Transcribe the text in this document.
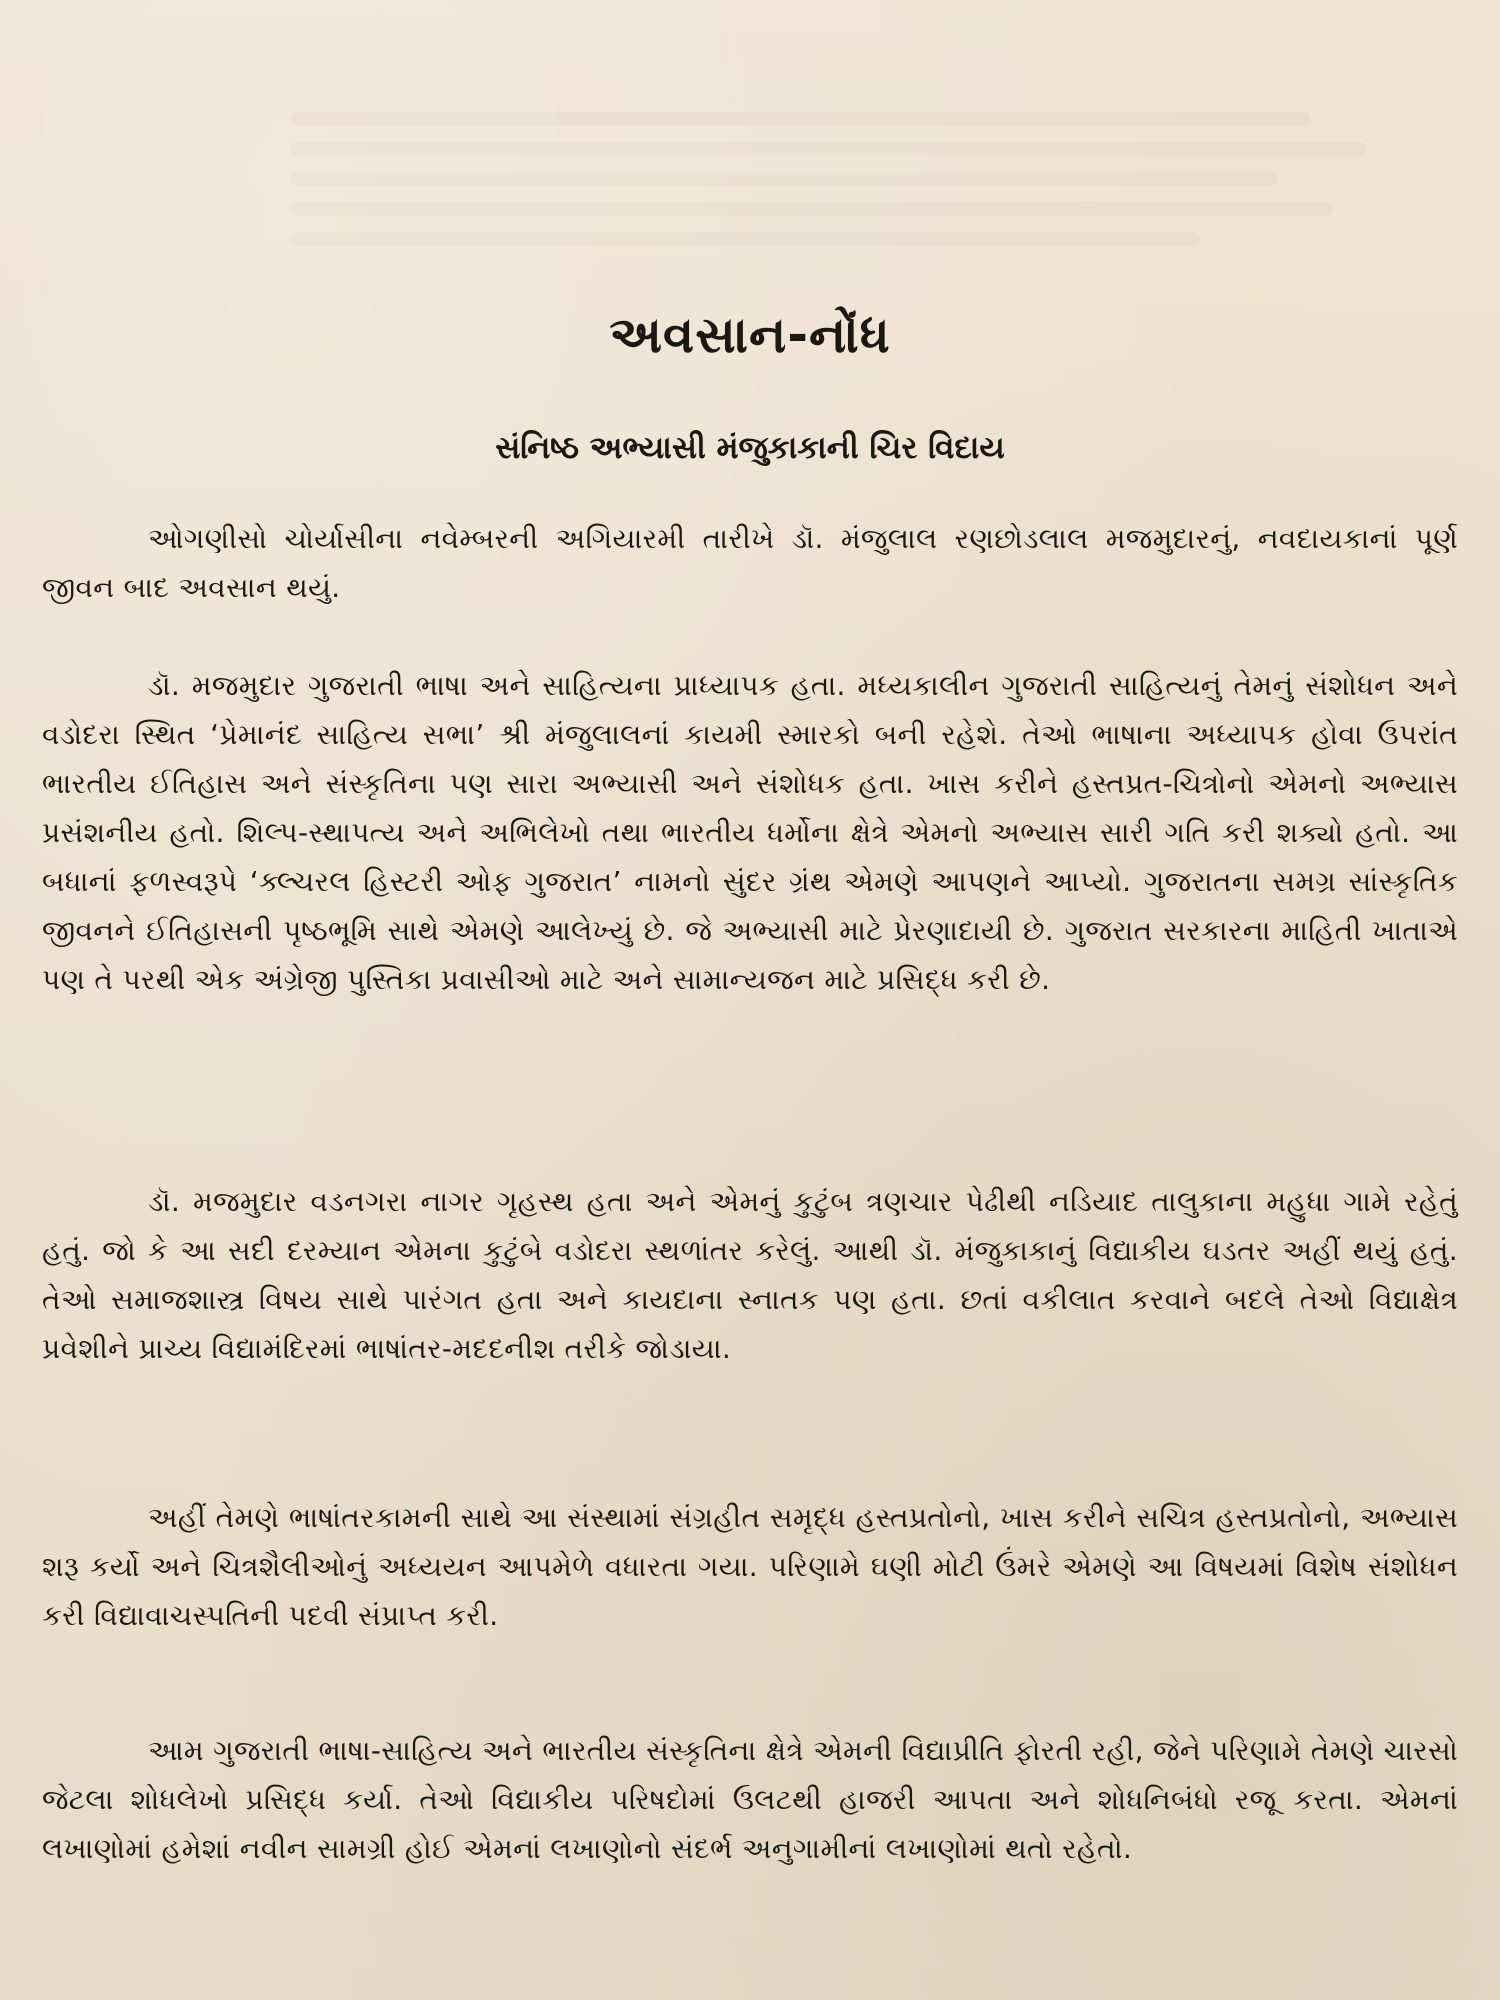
અવસાન-નોંધ
સંનિષ્ઠ અભ્યાસી મંજુકાકાની ચિર વિદાય

ઓગણીસો ચોર્યાસીના નવેમ્બરની અગિયારમી તારીખે ડૉ. મંજુલાલ રણછોડલાલ મજમુદારનું, નવદાયકાનાં પૂર્ણ જીવન બાદ અવસાન થયું.

ડૉ. મજમુદાર ગુજરાતી ભાષા અને સાહિત્યના પ્રાધ્યાપક હતા. મધ્યકાલીન ગુજરાતી સાહિત્યનું તેમનું સંશોધન અને વડોદરા સ્થિત ‘પ્રેમાનંદ સાહિત્ય સભા’ શ્રી મંજુલાલનાં કાયમી સ્મારકો બની રહેશે. તેઓ ભાષાના અધ્યાપક હોવા ઉપરાંત ભારતીય ઈતિહાસ અને સંસ્કૃતિના પણ સારા અભ્યાસી અને સંશોધક હતા. ખાસ કરીને હસ્તપ્રત-ચિત્રોનો એમનો અભ્યાસ પ્રસંશનીય હતો. શિલ્પ-સ્થાપત્ય અને અભિલેખો તથા ભારતીય ધર્મોના ક્ષેત્રે એમનો અભ્યાસ સારી ગતિ કરી શક્યો હતો. આ બધાનાં ફળસ્વરૂપે ‘ક્લ્ચરલ હિસ્ટરી ઓફ ગુજરાત’ નામનો સુંદર ગ્રંથ એમણે આપણને આપ્યો. ગુજરાતના સમગ્ર સાંસ્કૃતિક જીવનને ઈતિહાસની પૃષ્ઠભૂમિ સાથે એમણે આલેખ્યું છે. જે અભ્યાસી માટે પ્રેરણાદાયી છે. ગુજરાત સરકારના માહિતી ખાતાએ પણ તે પરથી એક અંગ્રેજી પુસ્તિકા પ્રવાસીઓ માટે અને સામાન્યજન માટે પ્રસિદ્ધ કરી છે.

ડૉ. મજમુદાર વડનગરા નાગર ગૃહસ્થ હતા અને એમનું કુટુંબ ત્રણચાર પેઢીથી નડિયાદ તાલુકાના મહુધા ગામે રહેતું હતું. જો કે આ સદી દરમ્યાન એમના કુટુંબે વડોદરા સ્થળાંતર કરેલું. આથી ડૉ. મંજુકાકાનું વિદ્યાકીય ઘડતર અહીં થયું હતું. તેઓ સમાજશાસ્ત્ર વિષય સાથે પારંગત હતા અને કાયદાના સ્નાતક પણ હતા. છતાં વકીલાત કરવાને બદલે તેઓ વિદ્યાક્ષેત્ર પ્રવેશીને પ્રાચ્ય વિદ્યામંદિરમાં ભાષાંતર-મદદનીશ તરીકે જોડાયા.

અહીં તેમણે ભાષાંતરકામની સાથે આ સંસ્થામાં સંગ્રહીત સમૃદ્ધ હસ્તપ્રતોનો, ખાસ કરીને સચિત્ર હસ્તપ્રતોનો, અભ્યાસ શરૂ કર્યો અને ચિત્રશૈલીઓનું અધ્યયન આપમેળે વધારતા ગયા. પરિણામે ઘણી મોટી ઉંમરે એમણે આ વિષયમાં વિશેષ સંશોધન કરી વિદ્યાવાચસ્પતિની પદવી સંપ્રાપ્ત કરી.

આમ ગુજરાતી ભાષા-સાહિત્ય અને ભારતીય સંસ્કૃતિના ક્ષેત્રે એમની વિદ્યાપ્રીતિ ફોરતી રહી, જેને પરિણામે તેમણે ચારસો જેટલા શોધલેખો પ્રસિદ્ધ કર્યા. તેઓ વિદ્યાકીય પરિષદોમાં ઉલટથી હાજરી આપતા અને શોધનિબંધો રજૂ કરતા. એમનાં લખાણોમાં હમેશાં નવીન સામગ્રી હોઈ એમનાં લખાણોનો સંદર્ભ અનુગામીનાં લખાણોમાં થતો રહેતો.
